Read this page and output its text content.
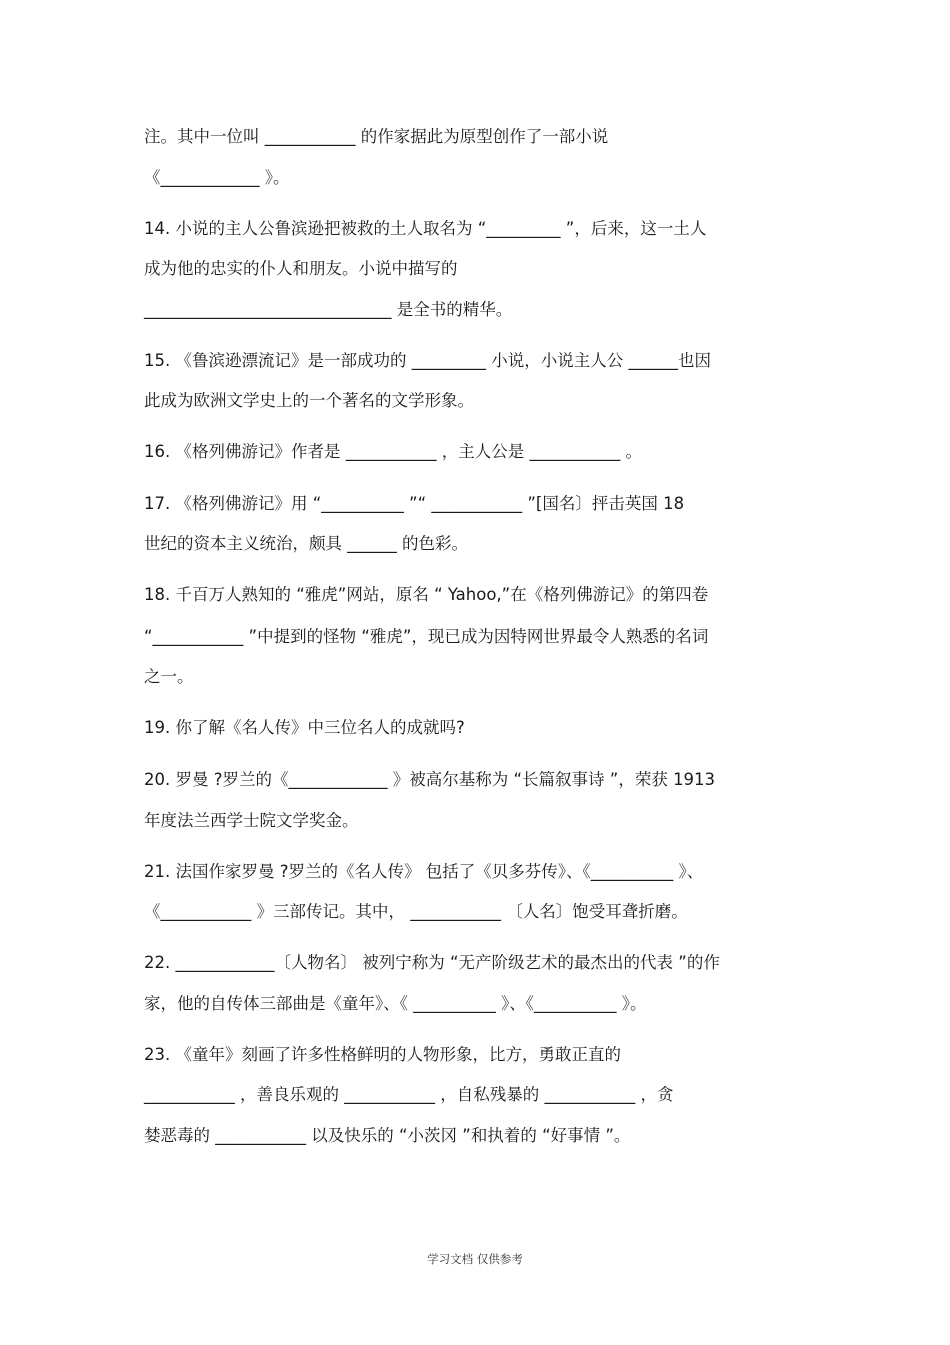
注。其中一位叫 ___________ 的作家据此为原型创作了一部小说
《____________ 》。
14. 小说的主人公鲁滨逊把被救的土人取名为 “_________ ”，后来，这一土人
成为他的忠实的仆人和朋友。小说中描写的
______________________________ 是全书的精华。
15. 《鲁滨逊漂流记》是一部成功的 _________ 小说，小说主人公 ______也因
此成为欧洲文学史上的一个著名的文学形象。
16. 《格列佛游记》作者是 ___________ ，主人公是 ___________ 。
17. 《格列佛游记》用 “__________ ”“ ___________ ”[国名〕抨击英国 18
世纪的资本主义统治，颇具 ______ 的色彩。
18. 千百万人熟知的 “雅虎”网站，原名 “ Yahoo,”在《格列佛游记》的第四卷
“___________ ”中提到的怪物 “雅虎”，现已成为因特网世界最令人熟悉的名词
之一。
19. 你了解《名人传》中三位名人的成就吗?
20. 罗曼 ?罗兰的《____________ 》被高尔基称为 “长篇叙事诗 ”，荣获 1913
年度法兰西学士院文学奖金。
21. 法国作家罗曼 ?罗兰的《名人传》 包括了《贝多芬传》、《__________ 》、
《___________ 》三部传记。其中， ___________ 〔人名〕饱受耳聋折磨。
22. ____________〔人物名〕 被列宁称为 “无产阶级艺术的最杰出的代表 ”的作
家，他的自传体三部曲是《童年》、《 __________ 》、《__________ 》。
23. 《童年》刻画了许多性格鲜明的人物形象，比方，勇敢正直的
___________ ，善良乐观的 ___________ ，自私残暴的 ___________ ，贪
婪恶毒的 ___________ 以及快乐的 “小茨冈 ”和执着的 “好事情 ”。
学习文档 仅供参考
